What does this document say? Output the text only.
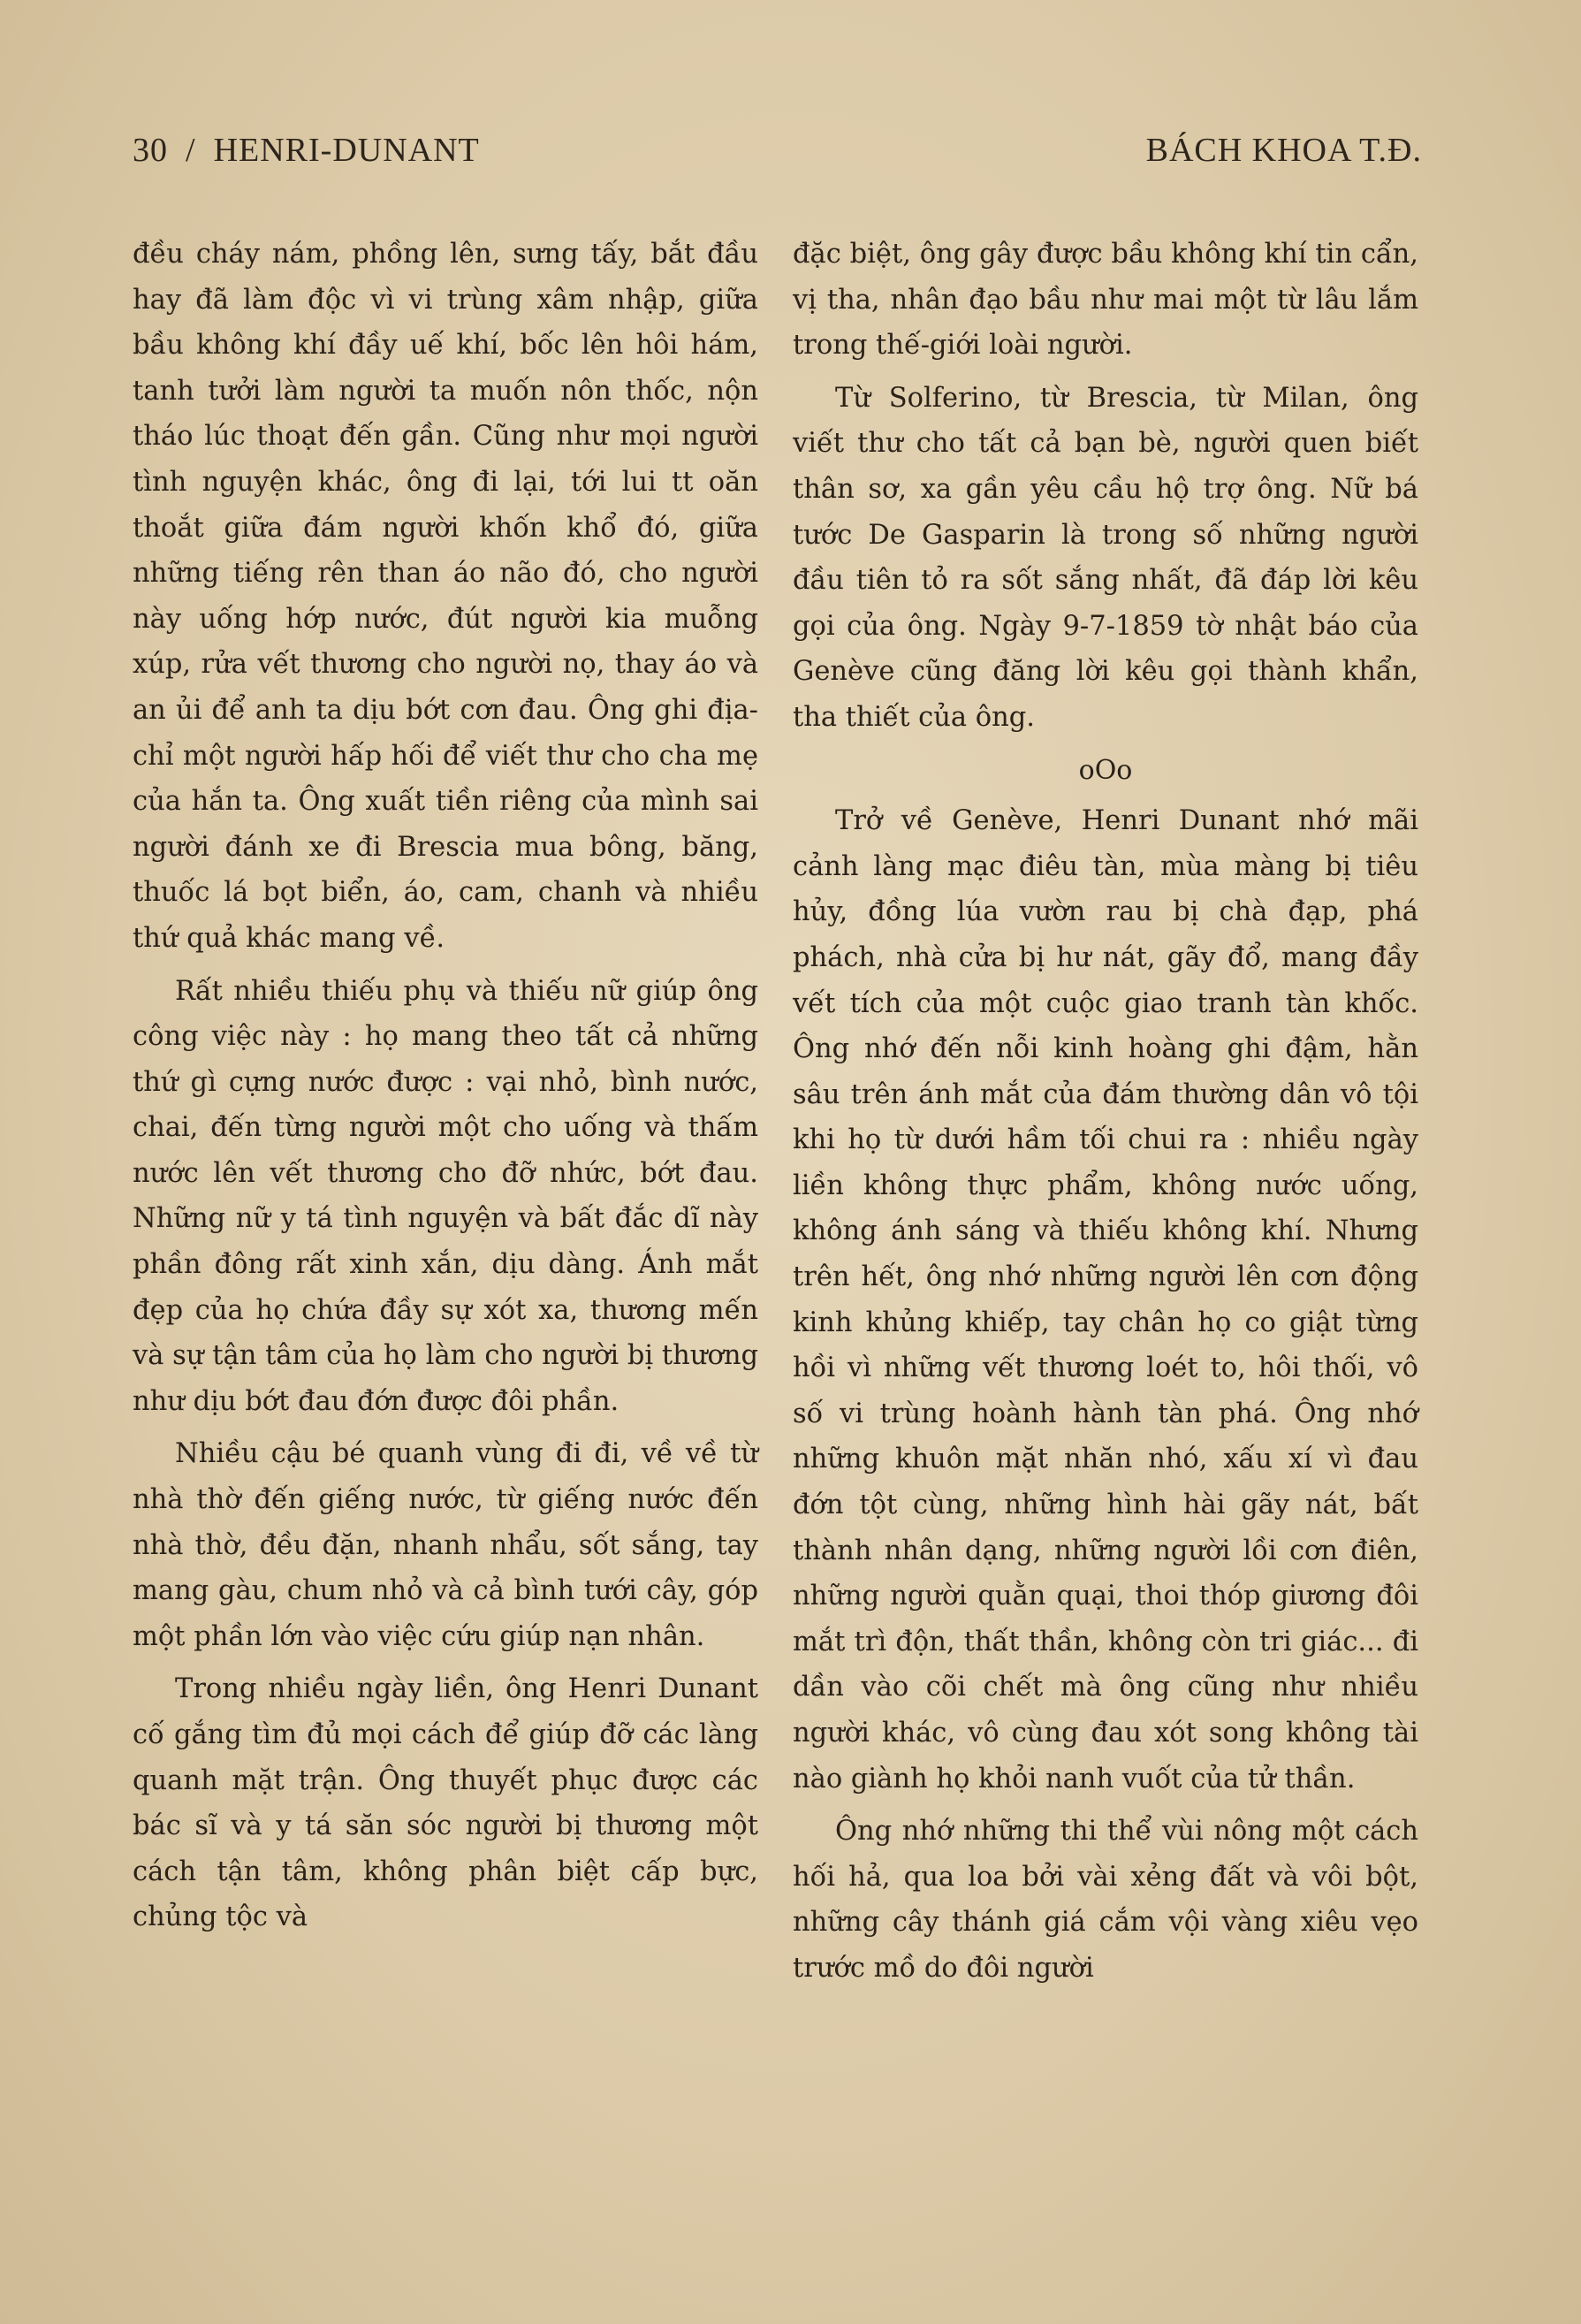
30 / HENRI-DUNANT	BÁCH KHOA T.Đ.

đều cháy nám, phồng lên, sưng tấy, bắt đầu hay đã làm độc vì vi trùng xâm nhập, giữa bầu không khí đầy uế khí, bốc lên hôi hám, tanh tưởi làm người ta muốn nôn thốc, nộn tháo lúc thoạt đến gần. Cũng như mọi người tình nguyện khác, ông đi lại, tới lui tt oăn thoắt giữa đám người khốn khổ đó, giữa những tiếng rên than áo não đó, cho người này uống hớp nước, đút người kia muỗng xúp, rửa vết thương cho người nọ, thay áo và an ủi để anh ta dịu bớt cơn đau. Ông ghi địa-chỉ một người hấp hối để viết thư cho cha mẹ của hắn ta. Ông xuất tiền riêng của mình sai người đánh xe đi Brescia mua bông, băng, thuốc lá bọt biển, áo, cam, chanh và nhiều thứ quả khác mang về.

Rất nhiều thiếu phụ và thiếu nữ giúp ông công việc này : họ mang theo tất cả những thứ gì cựng nước được : vại nhỏ, bình nước, chai, đến từng người một cho uống và thấm nước lên vết thương cho đỡ nhức, bớt đau. Những nữ y tá tình nguyện và bất đắc dĩ này phần đông rất xinh xắn, dịu dàng. Ánh mắt đẹp của họ chứa đầy sự xót xa, thương mến và sự tận tâm của họ làm cho người bị thương như dịu bớt đau đớn được đôi phần.

Nhiều cậu bé quanh vùng đi đi, về về từ nhà thờ đến giếng nước, từ giếng nước đến nhà thờ, đều đặn, nhanh nhẩu, sốt sắng, tay mang gàu, chum nhỏ và cả bình tưới cây, góp một phần lớn vào việc cứu giúp nạn nhân.

Trong nhiều ngày liền, ông Henri Dunant cố gắng tìm đủ mọi cách để giúp đỡ các làng quanh mặt trận. Ông thuyết phục được các bác sĩ và y tá săn sóc người bị thương một cách tận tâm, không phân biệt cấp bực, chủng tộc và

đặc biệt, ông gây được bầu không khí tin cẩn, vị tha, nhân đạo bầu như mai một từ lâu lắm trong thế-giới loài người.

Từ Solferino, từ Brescia, từ Milan, ông viết thư cho tất cả bạn bè, người quen biết thân sơ, xa gần yêu cầu hộ trợ ông. Nữ bá tước De Gasparin là trong số những người đầu tiên tỏ ra sốt sắng nhất, đã đáp lời kêu gọi của ông. Ngày 9-7-1859 tờ nhật báo của Genève cũng đăng lời kêu gọi thành khẩn, tha thiết của ông.

oOo

Trở về Genève, Henri Dunant nhớ mãi cảnh làng mạc điêu tàn, mùa màng bị tiêu hủy, đồng lúa vườn rau bị chà đạp, phá phách, nhà cửa bị hư nát, gãy đổ, mang đầy vết tích của một cuộc giao tranh tàn khốc. Ông nhớ đến nỗi kinh hoàng ghi đậm, hằn sâu trên ánh mắt của đám thường dân vô tội khi họ từ dưới hầm tối chui ra : nhiều ngày liền không thực phẩm, không nước uống, không ánh sáng và thiếu không khí. Nhưng trên hết, ông nhớ những người lên cơn động kinh khủng khiếp, tay chân họ co giật từng hồi vì những vết thương loét to, hôi thối, vô số vi trùng hoành hành tàn phá. Ông nhớ những khuôn mặt nhăn nhó, xấu xí vì đau đớn tột cùng, những hình hài gãy nát, bất thành nhân dạng, những người lồi cơn điên, những người quằn quại, thoi thóp giương đôi mắt trì độn, thất thần, không còn tri giác... đi dần vào cõi chết mà ông cũng như nhiều người khác, vô cùng đau xót song không tài nào giành họ khỏi nanh vuốt của tử thần.

Ông nhớ những thi thể vùi nông một cách hối hả, qua loa bởi vài xẻng đất và vôi bột, những cây thánh giá cắm vội vàng xiêu vẹo trước mồ do đôi người
